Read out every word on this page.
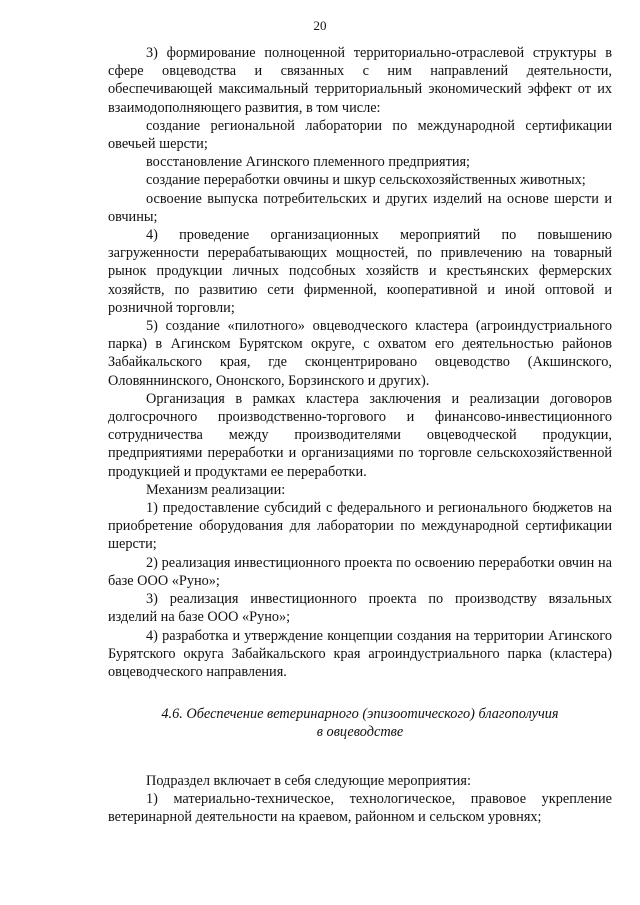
20

3) формирование полноценной территориально-отраслевой структуры в сфере овцеводства и связанных с ним направлений деятельности, обеспечивающей максимальный территориальный экономический эффект от их взаимодополняющего развития, в том числе:

создание региональной лаборатории по международной сертификации овечьей шерсти;

восстановление Агинского племенного предприятия;

создание переработки овчины и шкур сельскохозяйственных животных;

освоение выпуска потребительских и других изделий на основе шерсти и овчины;

4) проведение организационных мероприятий по повышению загруженности перерабатывающих мощностей, по привлечению на товарный рынок продукции личных подсобных хозяйств и крестьянских фермерских хозяйств, по развитию сети фирменной, кооперативной и иной оптовой и розничной торговли;

5) создание «пилотного» овцеводческого кластера (агроиндустриального парка) в Агинском Бурятском округе, с охватом его деятельностью районов Забайкальского края, где сконцентрировано овцеводство (Акшинского, Оловяннинского, Ононского, Борзинского и других).

Организация в рамках кластера заключения и реализации договоров долгосрочного производственно-торгового и финансово-инвестиционного сотрудничества между производителями овцеводческой продукции, предприятиями переработки и организациями по торговле сельскохозяйственной продукцией и продуктами ее переработки.

Механизм реализации:

1) предоставление субсидий с федерального и регионального бюджетов на приобретение оборудования для лаборатории по международной сертификации шерсти;

2) реализация инвестиционного проекта по освоению переработки овчин на базе ООО «Руно»;

3) реализация инвестиционного проекта по производству вязальных изделий на базе ООО «Руно»;

4) разработка и утверждение концепции создания на территории Агинского Бурятского округа Забайкальского края агроиндустриального парка (кластера) овцеводческого направления.

4.6. Обеспечение ветеринарного (эпизоотического) благополучия
в овцеводстве

Подраздел включает в себя следующие мероприятия:

1) материально-техническое, технологическое, правовое укрепление ветеринарной деятельности на краевом, районном и сельском уровнях;
